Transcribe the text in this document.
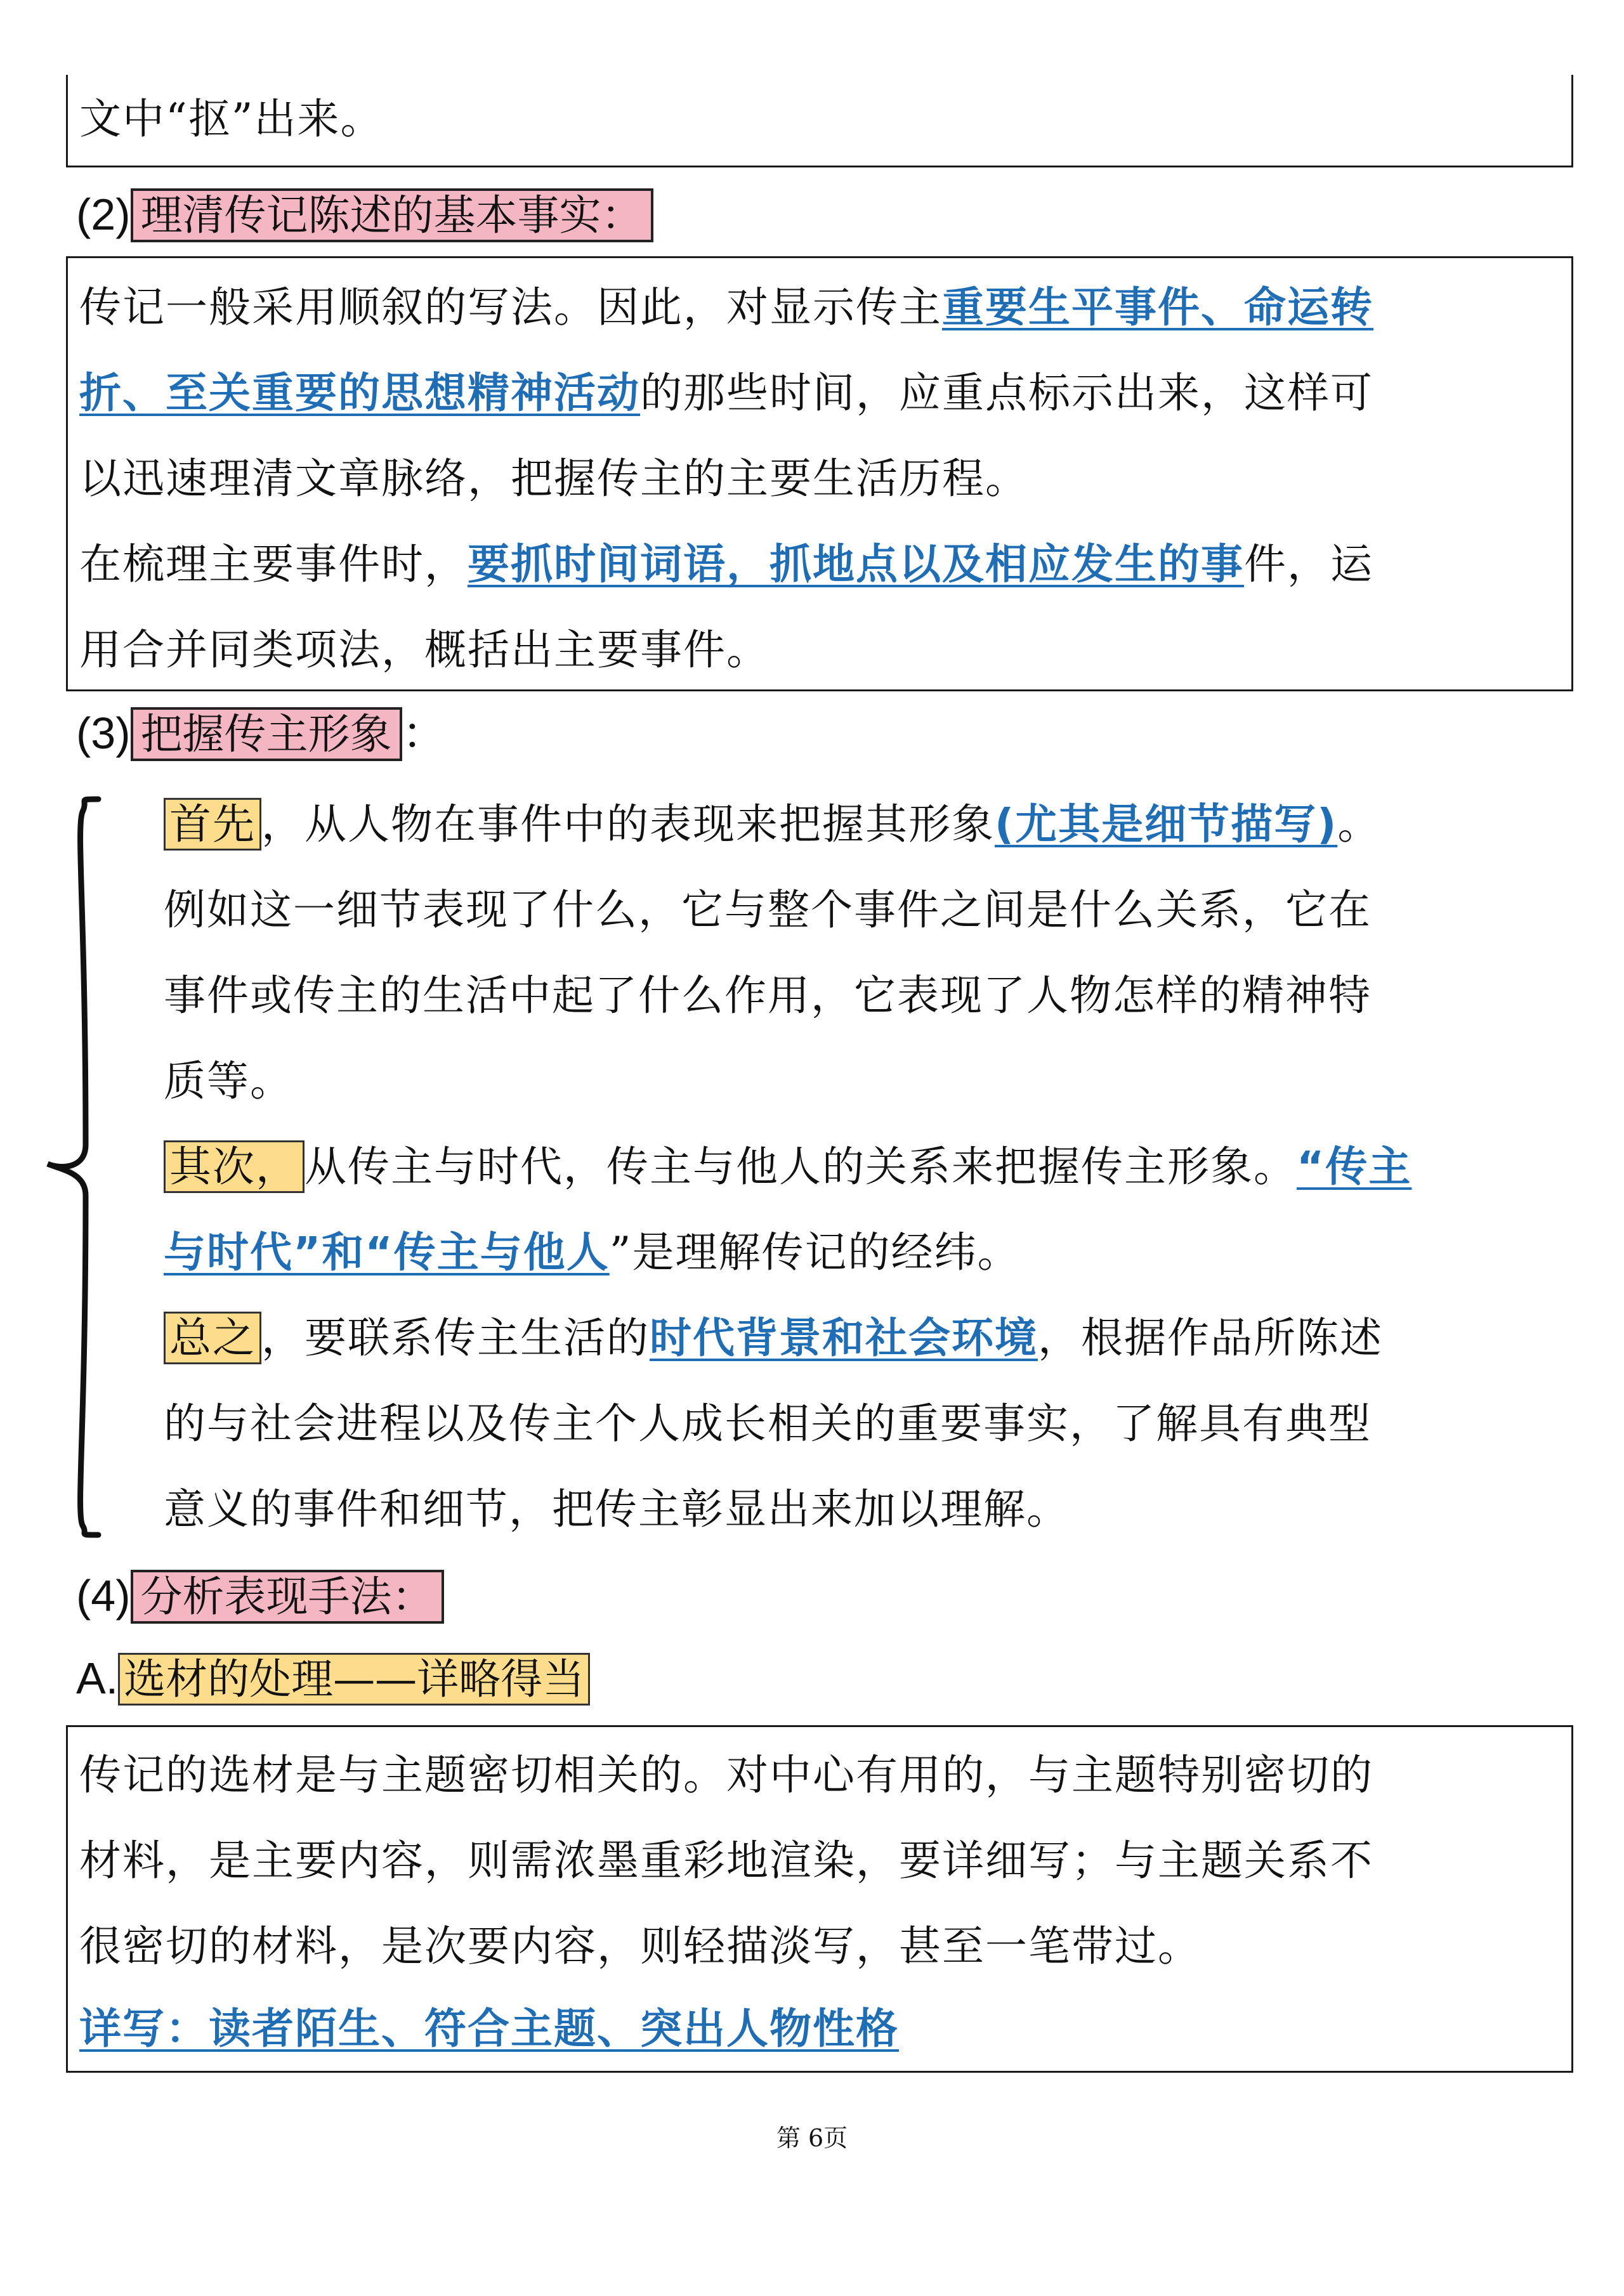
文中“抠”出来。

(2) 理清传记陈述的基本事实：

传记一般采用顺叙的写法。因此，对显示传主重要生平事件、命运转

折、至关重要的思想精神活动的那些时间，应重点标示出来，这样可

以迅速理清文章脉络，把握传主的主要生活历程。

在梳理主要事件时，要抓时间词语，抓地点以及相应发生的事件，运

用合并同类项法，概括出主要事件。

(3) 把握传主形象 ：

首先 ，从人物在事件中的表现来把握其形象(尤其是细节描写)。

例如这一细节表现了什么，它与整个事件之间是什么关系，它在

事件或传主的生活中起了什么作用，它表现了人物怎样的精神特

质等。

其次， 从传主与时代，传主与他人的关系来把握传主形象。“传主

与时代”和“传主与他人”是理解传记的经纬。

总之 ，要联系传主生活的时代背景和社会环境，根据作品所陈述

的与社会进程以及传主个人成长相关的重要事实，了解具有典型

意义的事件和细节，把传主彰显出来加以理解。

(4) 分析表现手法：
A. 选材的处理——详略得当

传记的选材是与主题密切相关的。对中心有用的，与主题特别密切的

材料，是主要内容，则需浓墨重彩地渲染，要详细写；与主题关系不

很密切的材料，是次要内容，则轻描淡写，甚至一笔带过。

详写：读者陌生、符合主题、突出人物性格

第 6页
